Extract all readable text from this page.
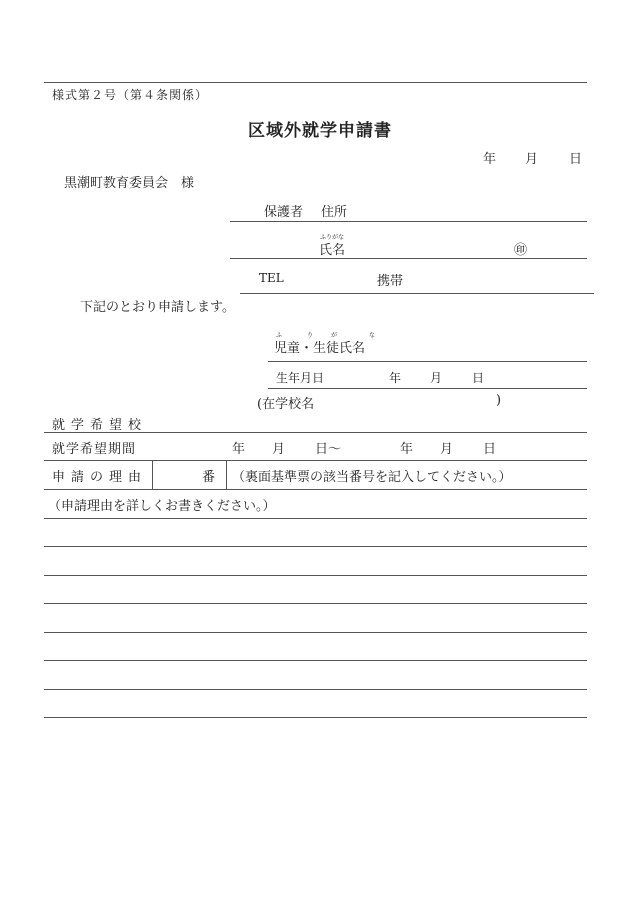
様式第２号（第４条関係）
区域外就学申請書
年 月 日
黒潮町教育委員会　様
保護者 住所
ふりがな
氏名	㊞
TEL	携帯
下記のとおり申請します。
ふ	り	が	な
児童・生徒氏名
生年月日	年 月 日
(在学校名	)
就学希望校
就学希望期間	年 月 日～	年 月 日
申請の理由	番 （裏面基準票の該当番号を記入してください。）
（申請理由を詳しくお書きください。）
